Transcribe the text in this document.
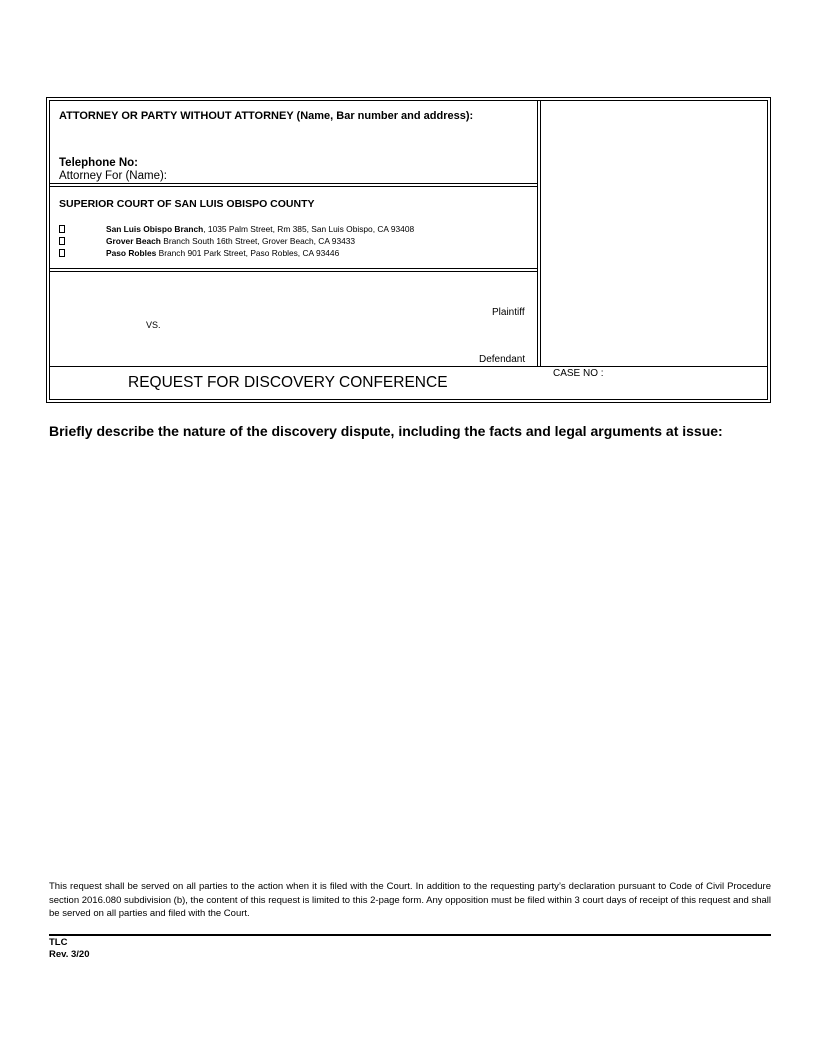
ATTORNEY OR PARTY WITHOUT ATTORNEY (Name, Bar number and address):
Telephone No:
Attorney For (Name):
SUPERIOR COURT OF SAN LUIS OBISPO COUNTY
San Luis Obispo Branch, 1035 Palm Street, Rm 385, San Luis Obispo, CA 93408
Grover Beach Branch South 16th Street, Grover Beach, CA 93433
Paso Robles Branch 901 Park Street, Paso Robles, CA 93446
Plaintiff
VS.
Defendant
REQUEST FOR DISCOVERY CONFERENCE
CASE NO :
Briefly describe the nature of the discovery dispute, including the facts and legal arguments at issue:
This request shall be served on all parties to the action when it is filed with the Court. In addition to the requesting party’s declaration pursuant to Code of Civil Procedure section 2016.080 subdivision (b), the content of this request is limited to this 2-page form. Any opposition must be filed within 3 court days of receipt of this request and shall be served on all parties and filed with the Court.
TLC
Rev. 3/20
